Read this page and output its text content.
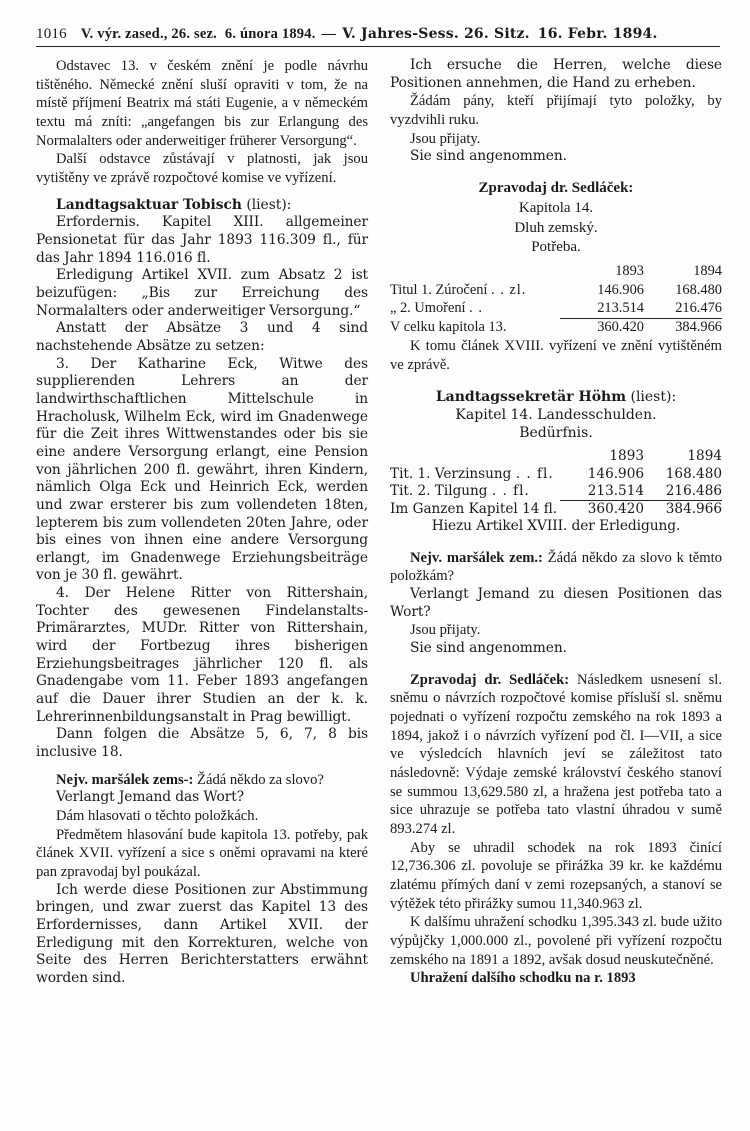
1016 V. výr. zased., 26. sez. 6. února 1894. — V. Jahres-Sess. 26. Sitz. 16. Febr. 1894.

Odstavec 13. v českém znění je podle návrhu tištěného. Německé znění sluší opraviti v tom, že na místě příjmení Beatrix má státi Eugenie, a v německém textu má zníti: „angefangen bis zur Erlangung des Normalalters oder anderweitiger früherer Versorgung“.

Další odstavce zůstávají v platnosti, jak jsou vytištěny ve zprávě rozpočtové komise ve vyřízení.

Landtagsaktuar Tobisch (liest):

Erfordernis. Kapitel XIII. allgemeiner Pensionetat für das Jahr 1893 116.309 fl., für das Jahr 1894 116.016 fl.

Erledigung Artikel XVII. zum Absatz 2 ist beizufügen: „Bis zur Erreichung des Normalalters oder anderweitiger Versorgung.“

Anstatt der Absätze 3 und 4 sind nachstehende Absätze zu setzen:

3. Der Katharine Eck, Witwe des supplierenden Lehrers an der landwirthschaftlichen Mittelschule in Hracholusk, Wilhelm Eck, wird im Gnadenwege für die Zeit ihres Wittwenstandes oder bis sie eine andere Versorgung erlangt, eine Pension von jährlichen 200 fl. gewährt, ihren Kindern, nämlich Olga Eck und Heinrich Eck, werden und zwar ersterer bis zum vollendeten 18ten, lepterem bis zum vollendeten 20ten Jahre, oder bis eines von ihnen eine andere Versorgung erlangt, im Gnadenwege Erziehungsbeiträge von je 30 fl. gewährt.

4. Der Helene Ritter von Rittershain, Tochter des gewesenen Findelanstalts-Primärarztes, MUDr. Ritter von Rittershain, wird der Fortbezug ihres bisherigen Erziehungsbeitrages jährlicher 120 fl. als Gnadengabe vom 11. Feber 1893 angefangen auf die Dauer ihrer Studien an der k. k. Lehrerinnenbildungsanstalt in Prag bewilligt.

Dann folgen die Absätze 5, 6, 7, 8 bis inclusive 18.

Nejv. maršálek zems-: Žádá někdo za slovo?

Verlangt Jemand das Wort?

Dám hlasovati o těchto položkách.

Předmětem hlasování bude kapitola 13. potřeby, pak článek XVII. vyřízení a sice s oněmi opravami na které pan zpravodaj byl poukázal.

Ich werde diese Positionen zur Abstimmung bringen, und zwar zuerst das Kapitel 13 des Erfordernisses, dann Artikel XVII. der Erledigung mit den Korrekturen, welche von Seite des Herren Berichterstatters erwähnt worden sind.

Ich ersuche die Herren, welche diese Positionen annehmen, die Hand zu erheben.

Žádám pány, kteří přijímají tyto položky, by vyzdvihli ruku.

Jsou přijaty.

Sie sind angenommen.

Zpravodaj dr. Sedláček:

Kapitola 14.

Dluh zemský.

Potřeba.

	1893	1894
Titul 1. Zúročení . . zl.	146.906	168.480
„ 2. Umoření . .	213.514	216.476
V celku kapitola 13.	360.420	384.966

K tomu článek XVIII. vyřízení ve znění vytištěném ve zprávě.

Landtagssekretär Höhm (liest):

Kapitel 14. Landesschulden.

Bedürfnis.

	1893	1894
Tit. 1. Verzinsung . . fl.	146.906	168.480
Tit. 2. Tilgung . . fl.	213.514	216.486
Im Ganzen Kapitel 14 fl.	360.420	384.966

Hiezu Artikel XVIII. der Erledigung.

Nejv. maršálek zem.: Žádá někdo za slovo k těmto položkám?

Verlangt Jemand zu diesen Positionen das Wort?

Jsou přijaty.

Sie sind angenommen.

Zpravodaj dr. Sedláček: Následkem usnesení sl. sněmu o návrzích rozpočtové komise přísluší sl. sněmu pojednati o vyřízení rozpočtu zemského na rok 1893 a 1894, jakož i o návrzích vyřízení pod čl. I—VII, a sice ve výsledcích hlavních jeví se záležitost tato následovně: Výdaje zemské království českého stanoví se summou 13,629.580 zl, a hražena jest potřeba tato a sice uhrazuje se potřeba tato vlastní úhradou v sumě 893.274 zl.

Aby se uhradil schodek na rok 1893 činící 12,736.306 zl. povoluje se přirážka 39 kr. ke každému zlatému přímých daní v zemi rozepsaných, a stanoví se výtěžek této přirážky sumou 11,340.963 zl.

K dalšímu uhražení schodku 1,395.343 zl. bude užito výpůjčky 1,000.000 zl., povolené při vyřízení rozpočtu zemského na 1891 a 1892, avšak dosud neuskutečněné.

Uhražení dalšího schodku na r. 1893
